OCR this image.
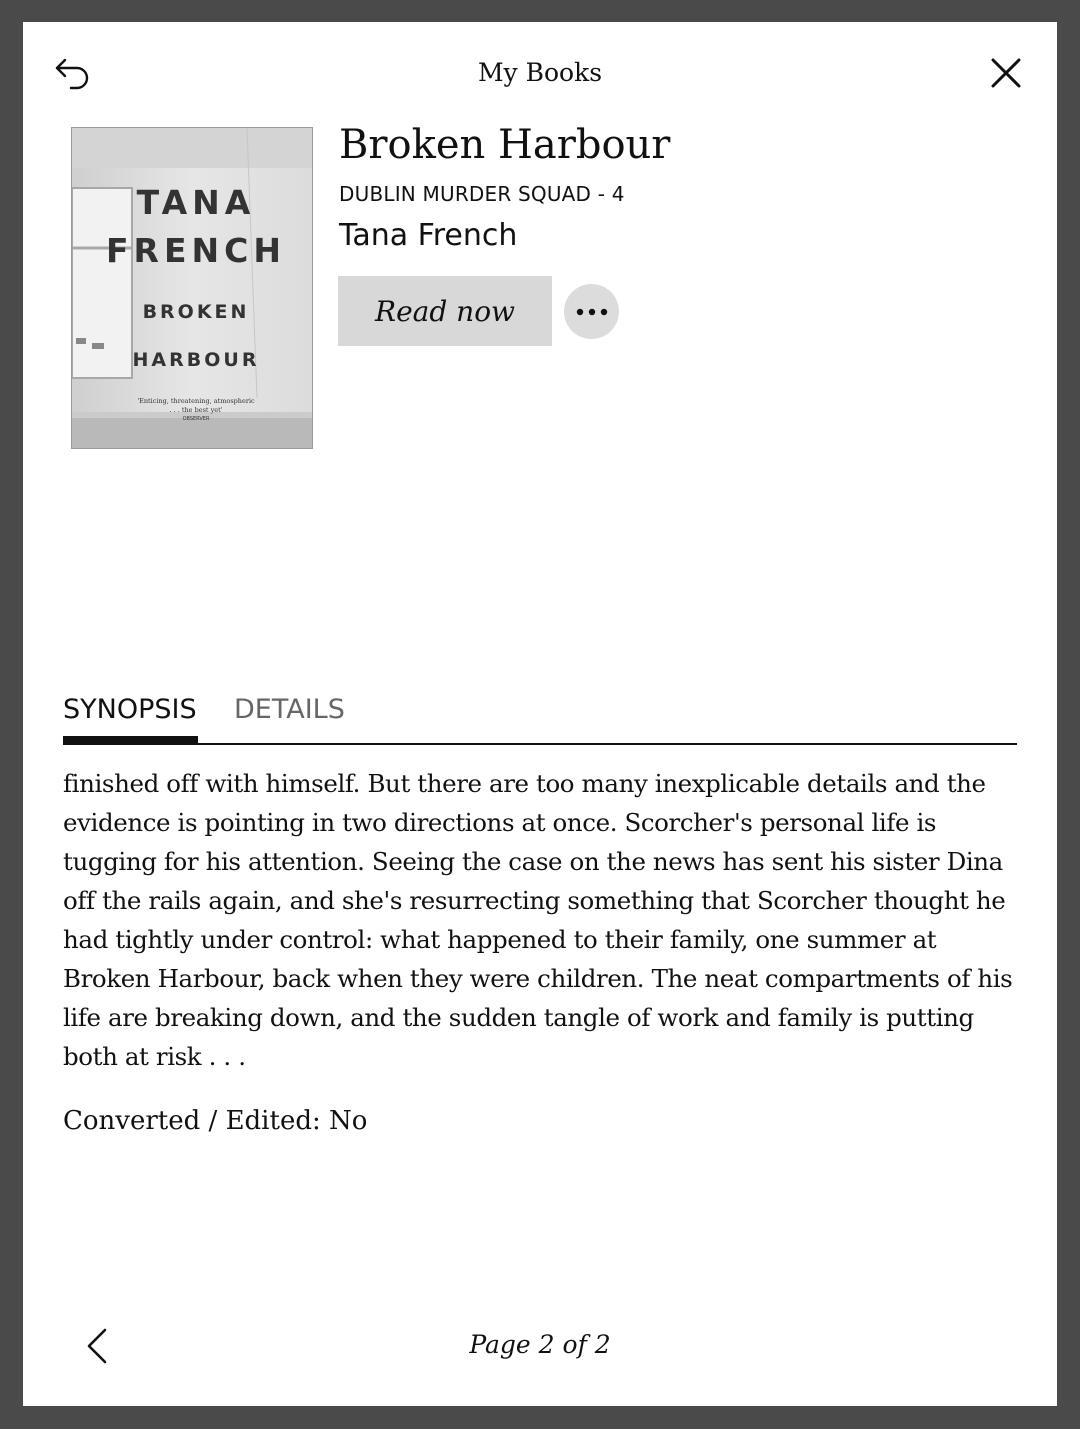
My Books
TANA
FRENCH
BROKEN
HARBOUR
'Enticing, threatening, atmospheric
. . . the best yet'
OBSERVER
Broken Harbour
DUBLIN MURDER SQUAD - 4
Tana French
Read now
SYNOPSIS DETAILS

finished off with himself. But there are too many inexplicable details and the evidence is pointing in two directions at once. Scorcher's personal life is tugging for his attention. Seeing the case on the news has sent his sister Dina off the rails again, and she's resurrecting something that Scorcher thought he had tightly under control: what happened to their family, one summer at Broken Harbour, back when they were children. The neat compartments of his life are breaking down, and the sudden tangle of work and family is putting both at risk . . .

Converted / Edited: No
Page 2 of 2
